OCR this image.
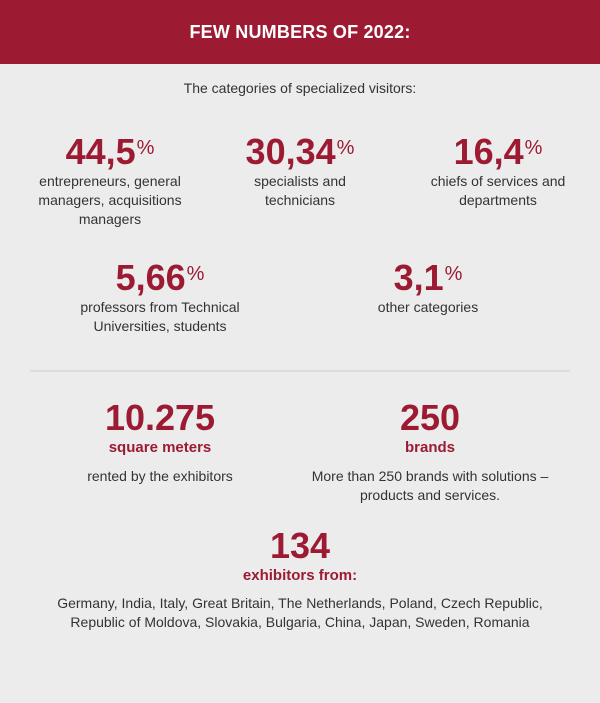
FEW NUMBERS OF 2022:
The categories of specialized visitors:
44,5%
entrepreneurs, general managers, acquisitions managers
30,34%
specialists and technicians
16,4%
chiefs of services and departments
5,66%
professors from Technical Universities, students
3,1%
other categories
10.275
square meters
rented by the exhibitors
250
brands
More than 250 brands with solutions – products and services.
134
exhibitors from:
Germany, India, Italy, Great Britain, The Netherlands, Poland, Czech Republic, Republic of Moldova, Slovakia, Bulgaria, China, Japan, Sweden, Romania
